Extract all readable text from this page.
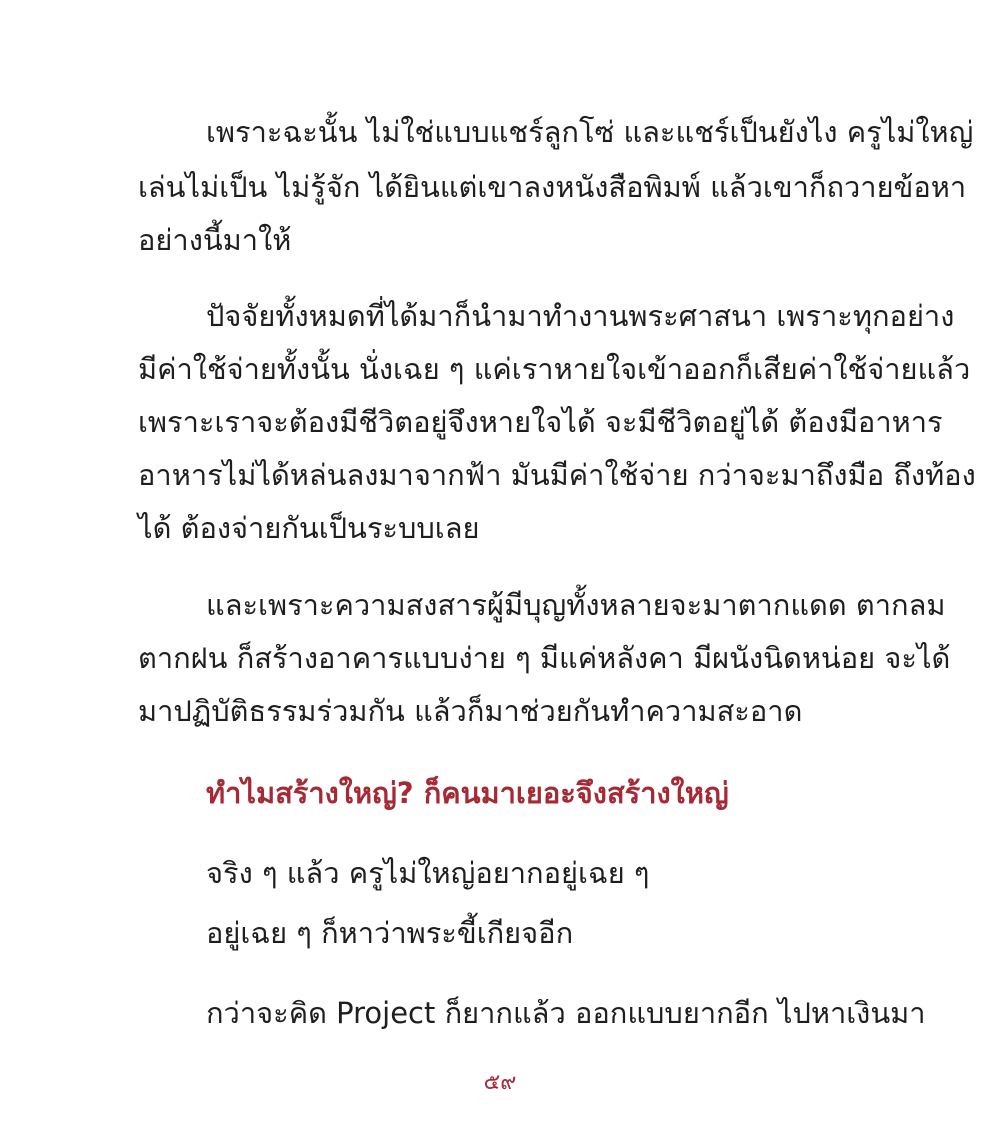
เพราะฉะนั้น ไม่ใช่แบบแชร์ลูกโซ่ และแชร์เป็นยังไง ครูไม่ใหญ่
เล่นไม่เป็น ไม่รู้จัก ได้ยินแต่เขาลงหนังสือพิมพ์ แล้วเขาก็ถวายข้อหา
อย่างนี้มาให้
ปัจจัยทั้งหมดที่ได้มาก็นำมาทำงานพระศาสนา เพราะทุกอย่าง
มีค่าใช้จ่ายทั้งนั้น นั่งเฉย ๆ แค่เราหายใจเข้าออกก็เสียค่าใช้จ่ายแล้ว
เพราะเราจะต้องมีชีวิตอยู่จึงหายใจได้ จะมีชีวิตอยู่ได้ ต้องมีอาหาร
อาหารไม่ได้หล่นลงมาจากฟ้า มันมีค่าใช้จ่าย กว่าจะมาถึงมือ ถึงท้อง
ได้ ต้องจ่ายกันเป็นระบบเลย
และเพราะความสงสารผู้มีบุญทั้งหลายจะมาตากแดด ตากลม
ตากฝน ก็สร้างอาคารแบบง่าย ๆ มีแค่หลังคา มีผนังนิดหน่อย จะได้
มาปฏิบัติธรรมร่วมกัน แล้วก็มาช่วยกันทำความสะอาด
ทำไมสร้างใหญ่? ก็คนมาเยอะจึงสร้างใหญ่
จริง ๆ แล้ว ครูไม่ใหญ่อยากอยู่เฉย ๆ
อยู่เฉย ๆ ก็หาว่าพระขี้เกียจอีก
กว่าจะคิด Project ก็ยากแล้ว ออกแบบยากอีก ไปหาเงินมา
๕๙
